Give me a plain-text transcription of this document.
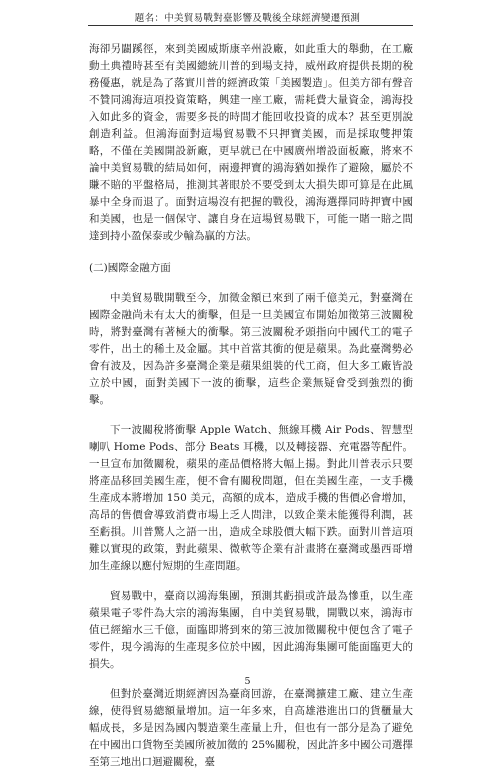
題名：中美貿易戰對臺影響及戰後全球經濟變遷預測

海卻另闢蹊徑，來到美國威斯康辛州設廠，如此重大的舉動，在工廠動土典禮時甚至有美國總統川普的到場支持，威州政府提供長期的稅務優惠，就是為了落實川普的經濟政策「美國製造」。但美方卻有聲音不贊同鴻海這項投資策略，興建一座工廠，需耗費大量資金，鴻海投入如此多的資金，需要多長的時間才能回收投資的成本？甚至更別說創造利益。但鴻海面對這場貿易戰不只押寶美國，而是採取雙押策略，不僅在美國開設新廠，更早就已在中國廣州增設面板廠，將來不論中美貿易戰的結局如何，兩邊押寶的鴻海猶如操作了避險，屬於不賺不賠的平盤格局，推測其著眼於不要受到太大損失即可算是在此風暴中全身而退了。面對這場沒有把握的戰役，鴻海選擇同時押寶中國和美國，也是一個保守、讓自身在這場貿易戰下，可能一賭一賠之間達到持小盈保泰或少輸為贏的方法。

(二)國際金融方面

中美貿易戰開戰至今，加徵金額已來到了兩千億美元，對臺灣在國際金融尚未有太大的衝擊，但是一旦美國宣布開始加徵第三波關稅時，將對臺灣有著極大的衝擊。第三波關稅矛頭指向中國代工的電子零件，出土的稀土及金屬。其中首當其衝的便是蘋果。為此臺灣勢必會有波及，因為許多臺灣企業是蘋果組裝的代工商，但大多工廠皆設立於中國，面對美國下一波的衝擊，這些企業無疑會受到強烈的衝擊。

下一波關稅將衝擊 Apple Watch、無線耳機 Air Pods、智慧型喇叭 Home Pods、部分 Beats 耳機，以及轉接器、充電器等配件。一旦宣布加徵關稅，蘋果的產品價格將大幅上揚。對此川普表示只要將產品移回美國生產，便不會有關稅問題，但在美國生產，一支手機生產成本將增加 150 美元，高額的成本，造成手機的售價必會增加，高昂的售價會導致消費市場上乏人問津，以致企業未能獲得利潤，甚至虧損。川普驚人之語一出，造成全球股價大幅下跌。面對川普這項難以實現的政策，對此蘋果、微軟等企業有計畫將在臺灣或墨西哥增加生產線以應付短期的生產問題。

貿易戰中，臺商以鴻海集團，預測其虧損或許最為慘重，以生產蘋果電子零件為大宗的鴻海集團，自中美貿易戰，開戰以來，鴻海市值已經縮水三千億，面臨即將到來的第三波加徵關稅中便包含了電子零件，現今鴻海的生產現多位於中國，因此鴻海集團可能面臨更大的損失。

但對於臺灣近期經濟因為臺商回游，在臺灣擴建工廠、建立生產線，使得貿易總額量增加。這一年多來，自高雄港進出口的貨櫃量大幅成長，多是因為國內製造業生產量上升，但也有一部分是為了避免在中國出口貨物至美國所被加徵的 25%關稅，因此許多中國公司選擇至第三地出口迴避關稅，臺

5
